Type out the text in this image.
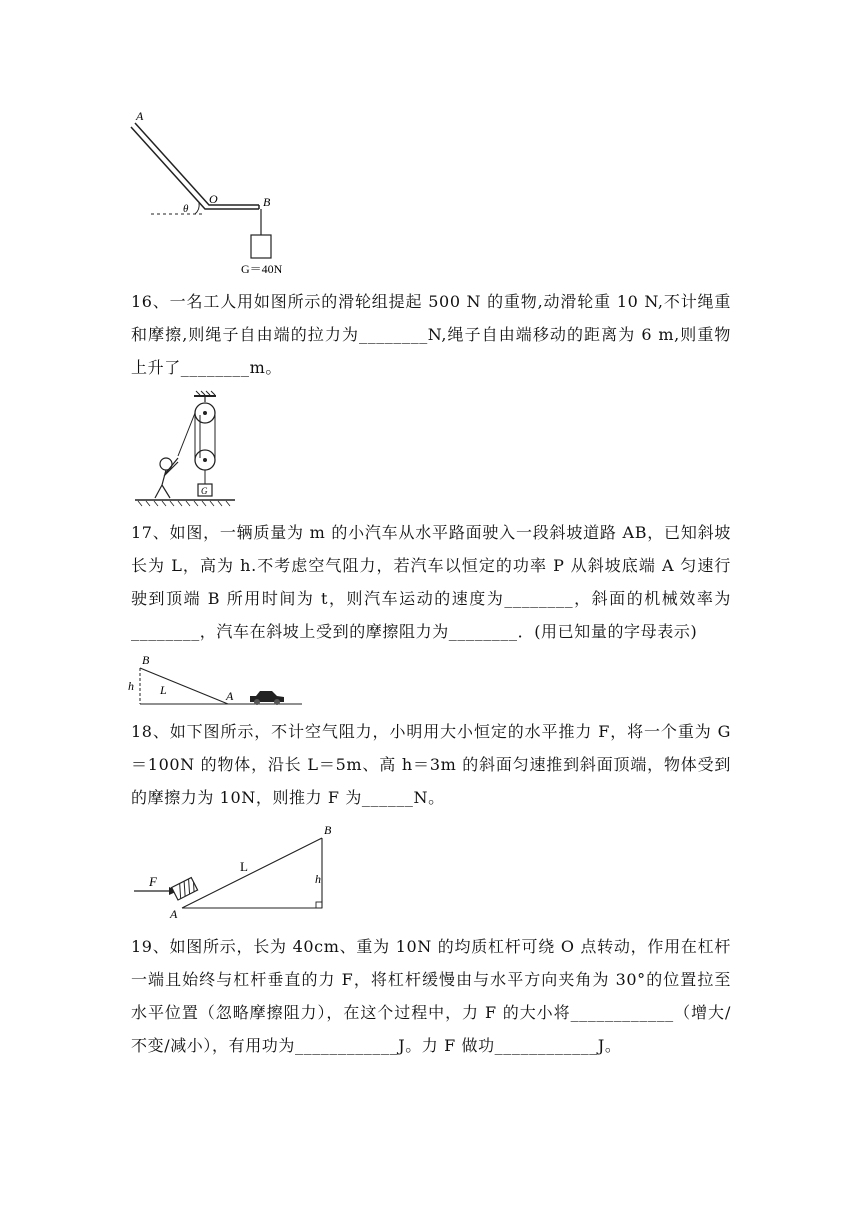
A
O	B
θ
G＝40N
16、一名工人用如图所示的滑轮组提起 500 N 的重物,动滑轮重 10 N,不计绳重和摩擦,则绳子自由端的拉力为________N,绳子自由端移动的距离为 6 m,则重物上升了________m。
G
17、如图，一辆质量为 m 的小汽车从水平路面驶入一段斜坡道路 AB，已知斜坡长为 L，高为 h.不考虑空气阻力，若汽车以恒定的功率 P 从斜坡底端 A 匀速行驶到顶端 B 所用时间为 t，则汽车运动的速度为________，斜面的机械效率为________，汽车在斜坡上受到的摩擦阻力为________．(用已知量的字母表示)
B
h L	A
18、如下图所示，不计空气阻力，小明用大小恒定的水平推力 F，将一个重为 G＝100N 的物体，沿长 L＝5m、高 h＝3m 的斜面匀速推到斜面顶端，物体受到的摩擦力为 10N，则推力 F 为______N。
F
L
B
h
A
19、如图所示，长为 40cm、重为 10N 的均质杠杆可绕 O 点转动，作用在杠杆一端且始终与杠杆垂直的力 F，将杠杆缓慢由与水平方向夹角为 30°的位置拉至水平位置（忽略摩擦阻力），在这个过程中，力 F 的大小将____________（增大/不变/减小），有用功为____________J。力 F 做功____________J。
